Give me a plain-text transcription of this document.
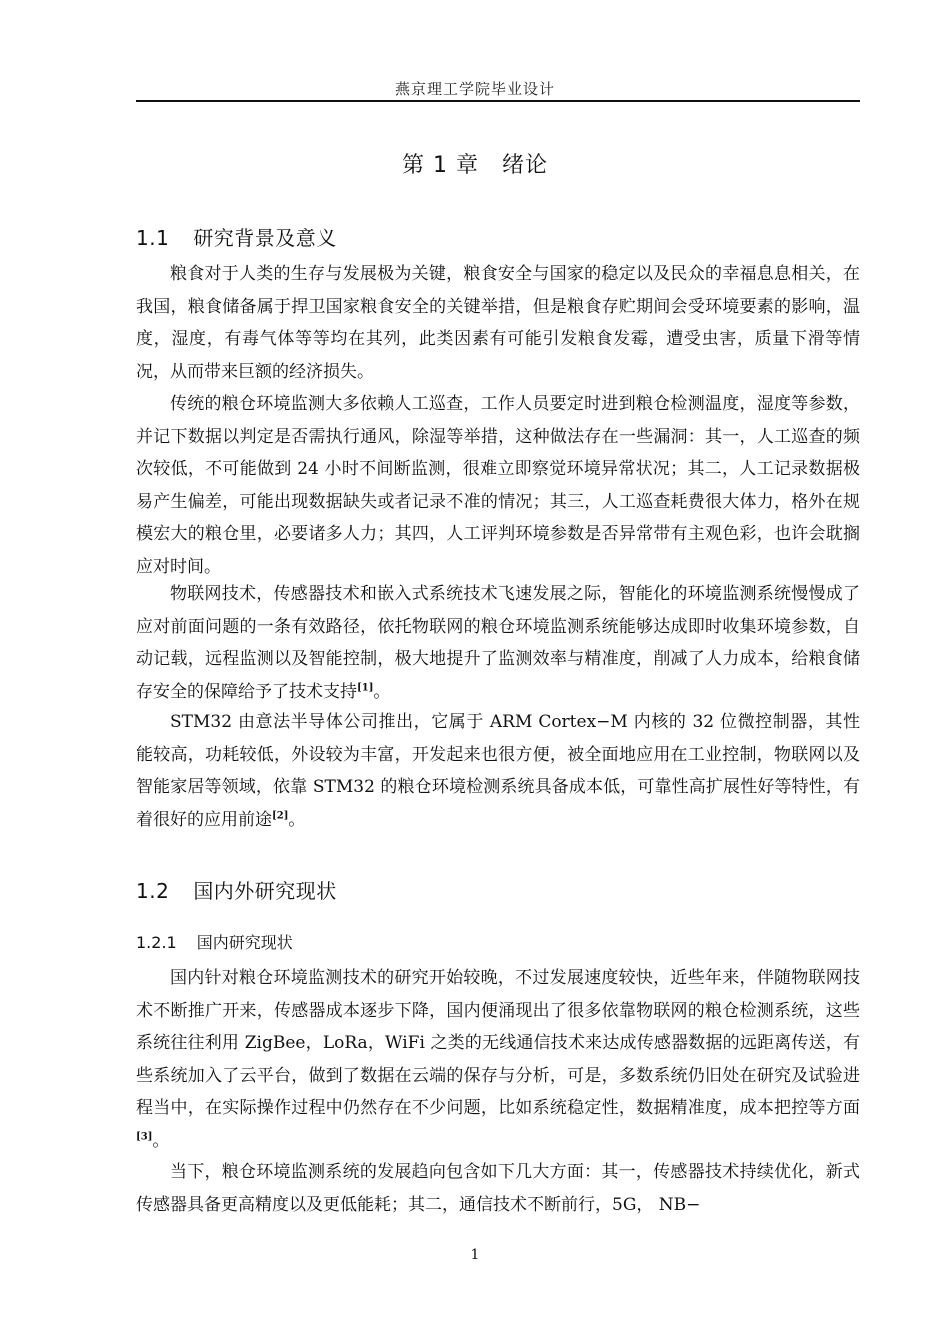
燕京理工学院毕业设计
第 1 章　绪论
1.1 研究背景及意义

粮食对于人类的生存与发展极为关键，粮食安全与国家的稳定以及民众的幸福息息相关，在我国，粮食储备属于捍卫国家粮食安全的关键举措，但是粮食存贮期间会受环境要素的影响，温度，湿度，有毒气体等等均在其列，此类因素有可能引发粮食发霉，遭受虫害，质量下滑等情况，从而带来巨额的经济损失。

传统的粮仓环境监测大多依赖人工巡查，工作人员要定时进到粮仓检测温度，湿度等参数，并记下数据以判定是否需执行通风，除湿等举措，这种做法存在一些漏洞：其一，人工巡查的频次较低，不可能做到 24 小时不间断监测，很难立即察觉环境异常状况；其二，人工记录数据极易产生偏差，可能出现数据缺失或者记录不准的情况；其三，人工巡查耗费很大体力，格外在规模宏大的粮仓里，必要诸多人力；其四，人工评判环境参数是否异常带有主观色彩，也许会耽搁应对时间。

物联网技术，传感器技术和嵌入式系统技术飞速发展之际，智能化的环境监测系统慢慢成了应对前面问题的一条有效路径，依托物联网的粮仓环境监测系统能够达成即时收集环境参数，自动记载，远程监测以及智能控制，极大地提升了监测效率与精准度，削减了人力成本，给粮食储存安全的保障给予了技术支持[1]。

STM32 由意法半导体公司推出，它属于 ARM Cortex−M 内核的 32 位微控制器，其性能较高，功耗较低，外设较为丰富，开发起来也很方便，被全面地应用在工业控制，物联网以及智能家居等领域，依靠 STM32 的粮仓环境检测系统具备成本低，可靠性高扩展性好等特性，有着很好的应用前途[2]。

1.2 国内外研究现状
1.2.1 国内研究现状

国内针对粮仓环境监测技术的研究开始较晚，不过发展速度较快，近些年来，伴随物联网技术不断推广开来，传感器成本逐步下降，国内便涌现出了很多依靠物联网的粮仓检测系统，这些系统往往利用 ZigBee，LoRa，WiFi 之类的无线通信技术来达成传感器数据的远距离传送，有些系统加入了云平台，做到了数据在云端的保存与分析，可是，多数系统仍旧处在研究及试验进程当中，在实际操作过程中仍然存在不少问题，比如系统稳定性，数据精准度，成本把控等方面[3]。

当下，粮仓环境监测系统的发展趋向包含如下几大方面：其一，传感器技术持续优化，新式传感器具备更高精度以及更低能耗；其二，通信技术不断前行，5G， NB−

1
